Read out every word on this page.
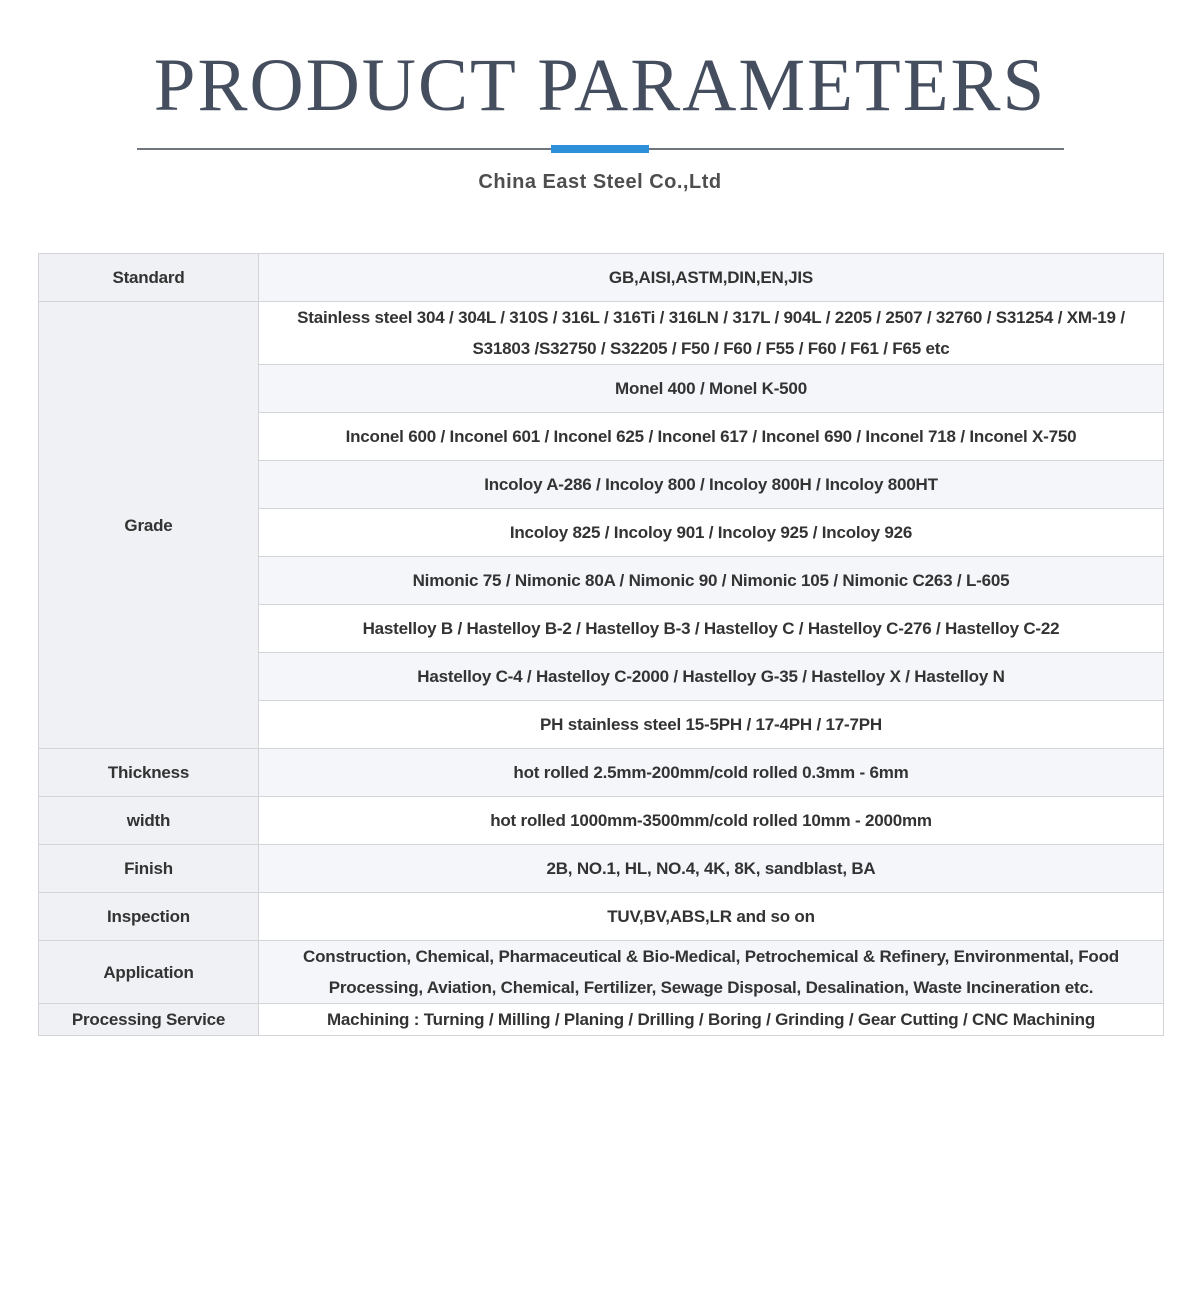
PRODUCT PARAMETERS
China East Steel Co.,Ltd
Standard	GB,AISI,ASTM,DIN,EN,JIS
Grade	Stainless steel 304 / 304L / 310S / 316L / 316Ti / 316LN / 317L / 904L / 2205 / 2507 / 32760 / S31254 / XM-19 / S31803 /S32750 / S32205 / F50 / F60 / F55 / F60 / F61 / F65 etc
	Monel 400 / Monel K-500
	Inconel 600 / Inconel 601 / Inconel 625 / Inconel 617 / Inconel 690 / Inconel 718 / Inconel X-750
	Incoloy A-286 / Incoloy 800 / Incoloy 800H / Incoloy 800HT
	Incoloy 825 / Incoloy 901 / Incoloy 925 / Incoloy 926
	Nimonic 75 / Nimonic 80A / Nimonic 90 / Nimonic 105 / Nimonic C263 / L-605
	Hastelloy B / Hastelloy B-2 / Hastelloy B-3 / Hastelloy C / Hastelloy C-276 / Hastelloy C-22
	Hastelloy C-4 / Hastelloy C-2000 / Hastelloy G-35 / Hastelloy X / Hastelloy N
	PH stainless steel 15-5PH / 17-4PH / 17-7PH
Thickness	hot rolled 2.5mm-200mm/cold rolled 0.3mm - 6mm
width	hot rolled 1000mm-3500mm/cold rolled 10mm - 2000mm
Finish	2B, NO.1, HL, NO.4, 4K, 8K, sandblast, BA
Inspection	TUV,BV,ABS,LR and so on
Application	Construction, Chemical, Pharmaceutical & Bio-Medical, Petrochemical & Refinery, Environmental, Food Processing, Aviation, Chemical, Fertilizer, Sewage Disposal, Desalination, Waste Incineration etc.
Processing Service	Machining : Turning / Milling / Planing / Drilling / Boring / Grinding / Gear Cutting / CNC Machining
